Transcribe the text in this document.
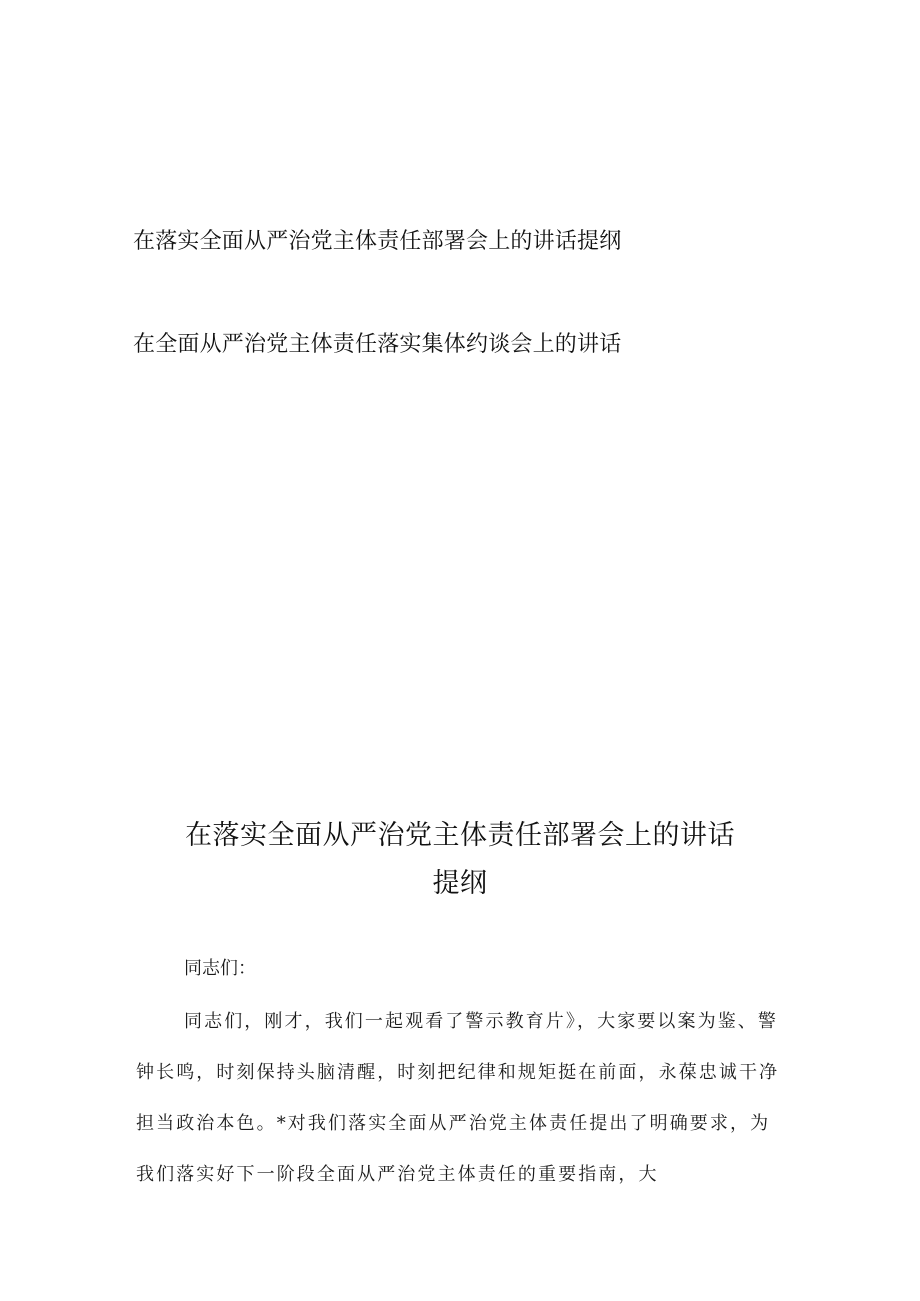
在落实全面从严治党主体责任部署会上的讲话提纲
在全面从严治党主体责任落实集体约谈会上的讲话
在落实全面从严治党主体责任部署会上的讲话
提纲
同志们：
同志们，刚才，我们一起观看了警示教育片》，大家要以案为鉴、警钟长鸣，时刻保持头脑清醒，时刻把纪律和规矩挺在前面，永葆忠诚干净担当政治本色。*对我们落实全面从严治党主体责任提出了明确要求，为我们落实好下一阶段全面从严治党主体责任的重要指南，大
